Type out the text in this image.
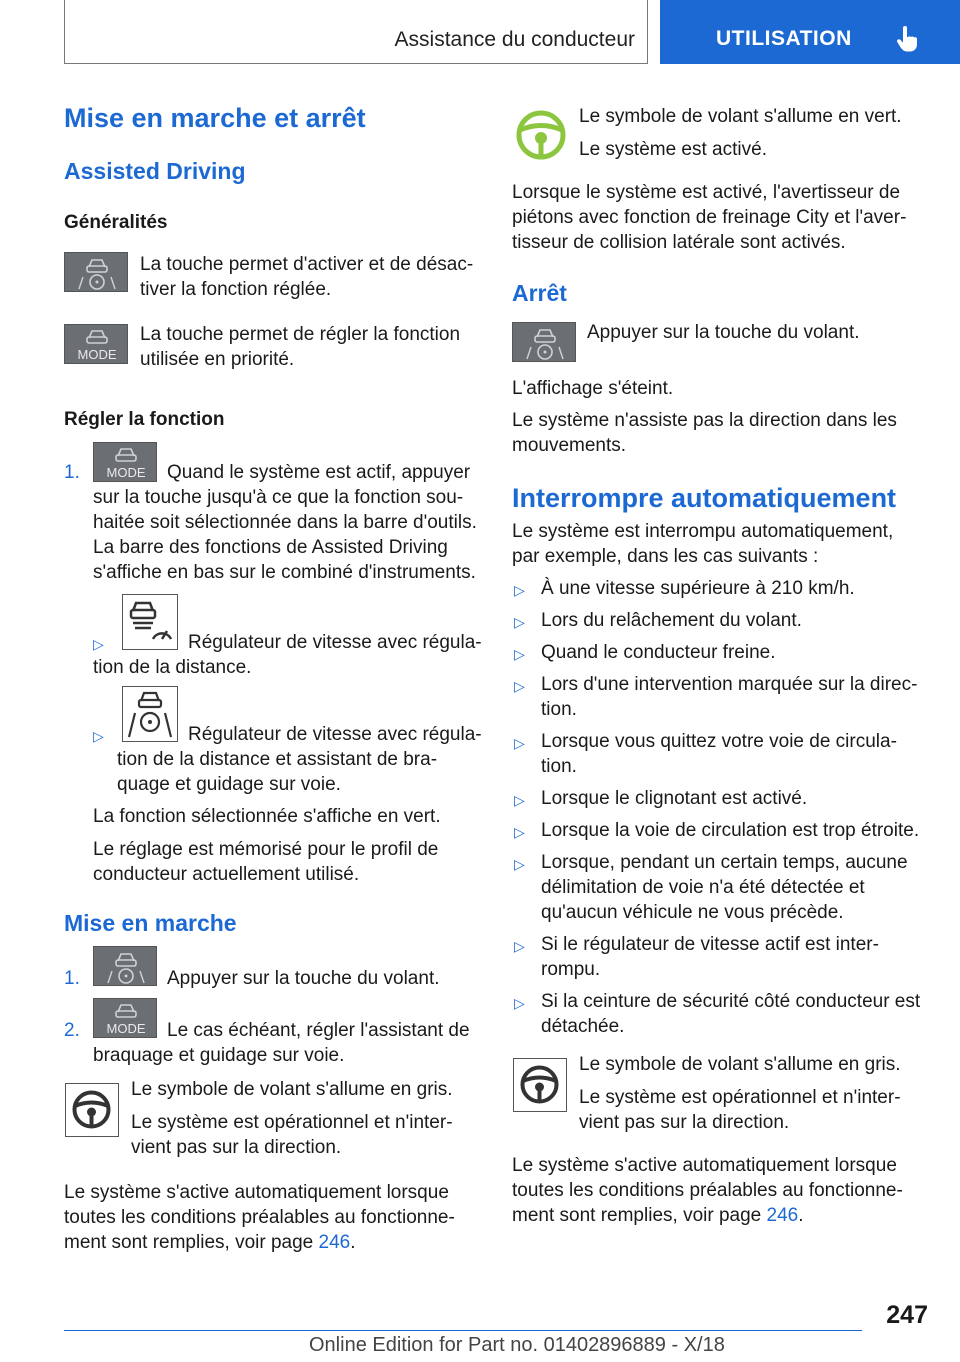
Assistance du conducteur	UTILISATION
Mise en marche et arrêt
Assisted Driving
Généralités
La touche permet d'activer et de désac-
tiver la fonction réglée.
MODE
La touche permet de régler la fonction
utilisée en priorité.
Régler la fonction
1. MODE Quand le système est actif, appuyer
sur la touche jusqu'à ce que la fonction sou-
haitée soit sélectionnée dans la barre d'outils.
La barre des fonctions de Assisted Driving
s'affiche en bas sur le combiné d'instruments.
▷	Régulateur de vitesse avec régula-
tion de la distance.
▷	Régulateur de vitesse avec régula-
tion de la distance et assistant de bra-
quage et guidage sur voie.
La fonction sélectionnée s'affiche en vert.
Le réglage est mémorisé pour le profil de
conducteur actuellement utilisé.
Mise en marche
1.	Appuyer sur la touche du volant.
2. MODE Le cas échéant, régler l'assistant de
braquage et guidage sur voie.
Le symbole de volant s'allume en gris.
Le système est opérationnel et n'inter-
vient pas sur la direction.
Le système s'active automatiquement lorsque
toutes les conditions préalables au fonctionne-
ment sont remplies, voir page 246.
Le symbole de volant s'allume en vert.
Le système est activé.
Lorsque le système est activé, l'avertisseur de
piétons avec fonction de freinage City et l'aver-
tisseur de collision latérale sont activés.
Arrêt
Appuyer sur la touche du volant.
L'affichage s'éteint.
Le système n'assiste pas la direction dans les
mouvements.
Interrompre automatiquement
Le système est interrompu automatiquement,
par exemple, dans les cas suivants :
▷ À une vitesse supérieure à 210 km/h.
▷ Lors du relâchement du volant.
▷ Quand le conducteur freine.
▷ Lors d'une intervention marquée sur la direc-
tion.
▷ Lorsque vous quittez votre voie de circula-
tion.
▷ Lorsque le clignotant est activé.
▷ Lorsque la voie de circulation est trop étroite.
▷ Lorsque, pendant un certain temps, aucune
délimitation de voie n'a été détectée et
qu'aucun véhicule ne vous précède.
▷ Si le régulateur de vitesse actif est inter-
rompu.
▷ Si la ceinture de sécurité côté conducteur est
détachée.
Le symbole de volant s'allume en gris.
Le système est opérationnel et n'inter-
vient pas sur la direction.
Le système s'active automatiquement lorsque
toutes les conditions préalables au fonctionne-
ment sont remplies, voir page 246.
247
Online Edition for Part no. 01402896889 - X/18
